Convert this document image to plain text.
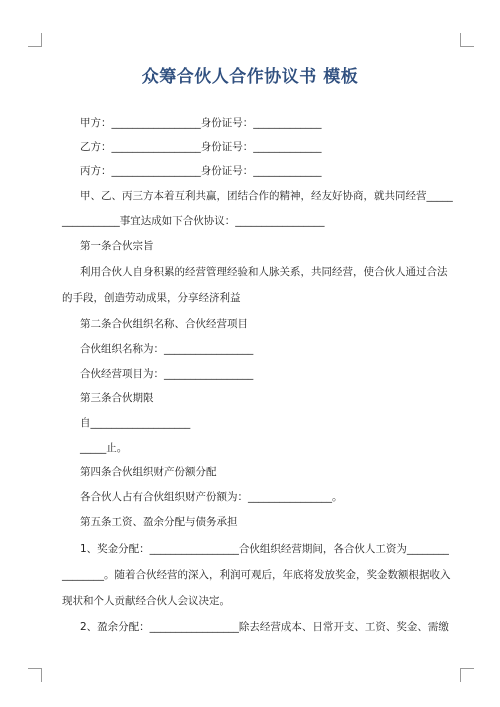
众筹合伙人合作协议书 模板
甲方：_________________身份证号：_____________
乙方：_________________身份证号：_____________
丙方：_________________身份证号：_____________
甲、乙、丙三方本着互利共赢，团结合作的精神，经友好协商，就共同经营_____
___________事宜达成如下合伙协议：_________________
第一条合伙宗旨
利用合伙人自身积累的经营管理经验和人脉关系，共同经营，使合伙人通过合法
的手段，创造劳动成果，分享经济利益
第二条合伙组织名称、合伙经营项目
合伙组织名称为：_________________
合伙经营项目为：_________________
第三条合伙期限
自___________________
_____止。
第四条合伙组织财产份额分配
各合伙人占有合伙组织财产份额为：________________。
第五条工资、盈余分配与债务承担
1、奖金分配：_________________合伙组织经营期间，各合伙人工资为________
________。随着合伙经营的深入，利润可观后，年底将发放奖金，奖金数额根据收入
现状和个人贡献经合伙人会议决定。
2、盈余分配：_________________除去经营成本、日常开支、工资、奖金、需缴
